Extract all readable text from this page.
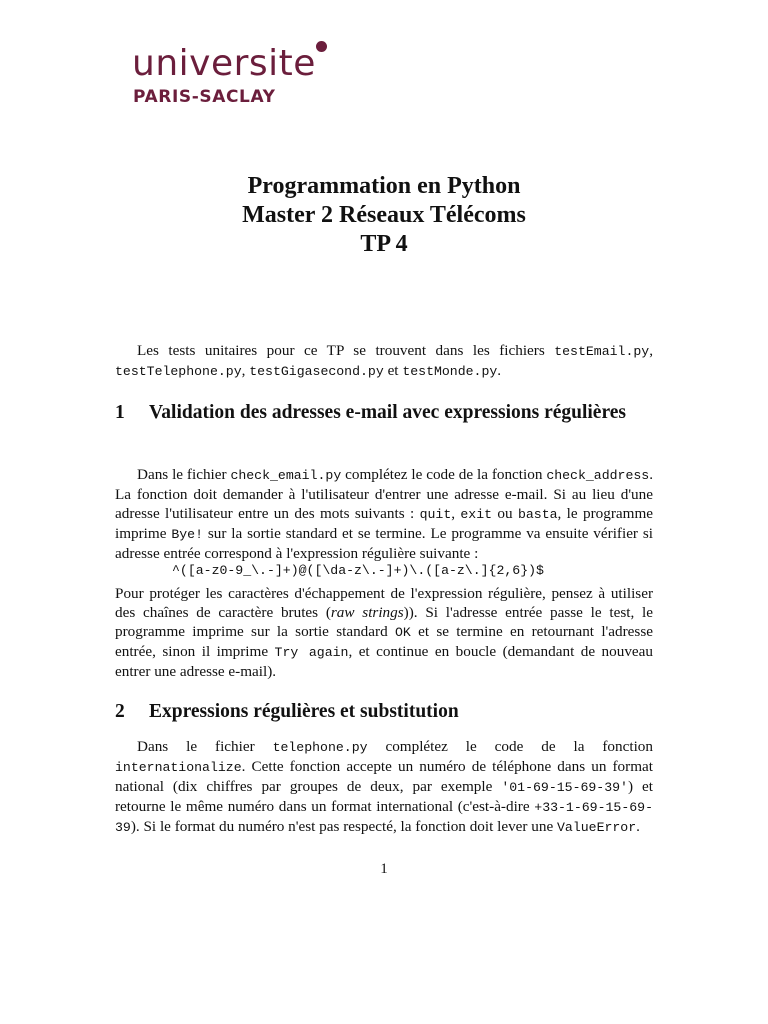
universite
PARIS-SACLAY
Programmation en Python
Master 2 Réseaux Télécoms
TP 4

Les tests unitaires pour ce TP se trouvent dans les fichiers testEmail.py, testTelephone.py, testGigasecond.py et testMonde.py.

1	Validation des adresses e-mail avec expressions régulières

Dans le fichier check_email.py complétez le code de la fonction check_address. La fonction doit demander à l'utilisateur d'entrer une adresse e-mail. Si au lieu d'une adresse l'utilisateur entre un des mots suivants : quit, exit ou basta, le programme imprime Bye! sur la sortie standard et se termine. Le programme va ensuite vérifier si adresse entrée correspond à l'expression régulière suivante :

^([a-z0-9_\.-]+)@([\da-z\.-]+)\.([a-z\.]{2,6})$

Pour protéger les caractères d'échappement de l'expression régulière, pensez à utiliser des chaînes de caractère brutes (raw strings)). Si l'adresse entrée passe le test, le programme imprime sur la sortie standard OK et se termine en retournant l'adresse entrée, sinon il imprime Try again, et continue en boucle (demandant de nouveau entrer une adresse e-mail).

2	Expressions régulières et substitution

Dans le fichier telephone.py complétez le code de la fonction internationalize. Cette fonction accepte un numéro de téléphone dans un format national (dix chiffres par groupes de deux, par exemple '01-69-15-69-39') et retourne le même numéro dans un format international (c'est-à-dire +33-1-69-15-69-39). Si le format du numéro n'est pas respecté, la fonction doit lever une ValueError.

1
